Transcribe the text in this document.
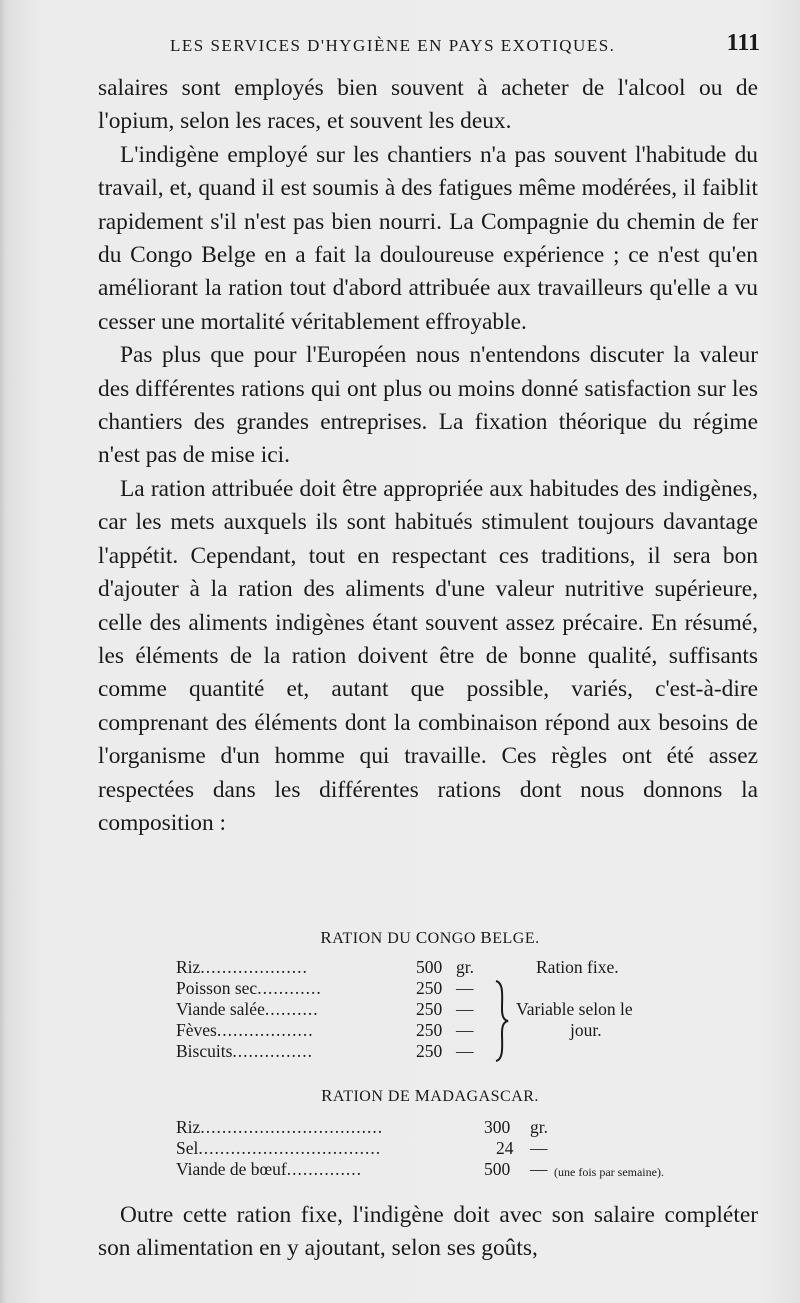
LES SERVICES D'HYGIÈNE EN PAYS EXOTIQUES.	111

salaires sont employés bien souvent à acheter de l'alcool ou de l'opium, selon les races, et souvent les deux.

L'indigène employé sur les chantiers n'a pas souvent l'habitude du travail, et, quand il est soumis à des fatigues même modérées, il faiblit rapidement s'il n'est pas bien nourri. La Compagnie du chemin de fer du Congo Belge en a fait la douloureuse expérience ; ce n'est qu'en améliorant la ration tout d'abord attribuée aux travailleurs qu'elle a vu cesser une mortalité véritablement effroyable.

Pas plus que pour l'Européen nous n'entendons discuter la valeur des différentes rations qui ont plus ou moins donné satisfaction sur les chantiers des grandes entreprises. La fixation théorique du régime n'est pas de mise ici.

La ration attribuée doit être appropriée aux habitudes des indigènes, car les mets auxquels ils sont habitués stimulent toujours davantage l'appétit. Cependant, tout en respectant ces traditions, il sera bon d'ajouter à la ration des aliments d'une valeur nutritive supérieure, celle des aliments indigènes étant souvent assez précaire. En résumé, les éléments de la ration doivent être de bonne qualité, suffisants comme quantité et, autant que possible, variés, c'est-à-dire comprenant des éléments dont la combinaison répond aux besoins de l'organisme d'un homme qui travaille. Ces règles ont été assez respectées dans les différentes rations dont nous donnons la composition :

RATION DU CONGO BELGE.
Riz....................	500 gr.	Ration fixe.
Poisson sec............	250 —
Viande salée..........	250 —
Fèves..................	250 —
Biscuits...............	250 —
Variable selon le
jour.
RATION DE MADAGASCAR.
Riz..................................	300 gr.
Sel..................................	24 —
Viande de bœuf..............	500 — (une fois par semaine).

Outre cette ration fixe, l'indigène doit avec son salaire compléter son alimentation en y ajoutant, selon ses goûts,
